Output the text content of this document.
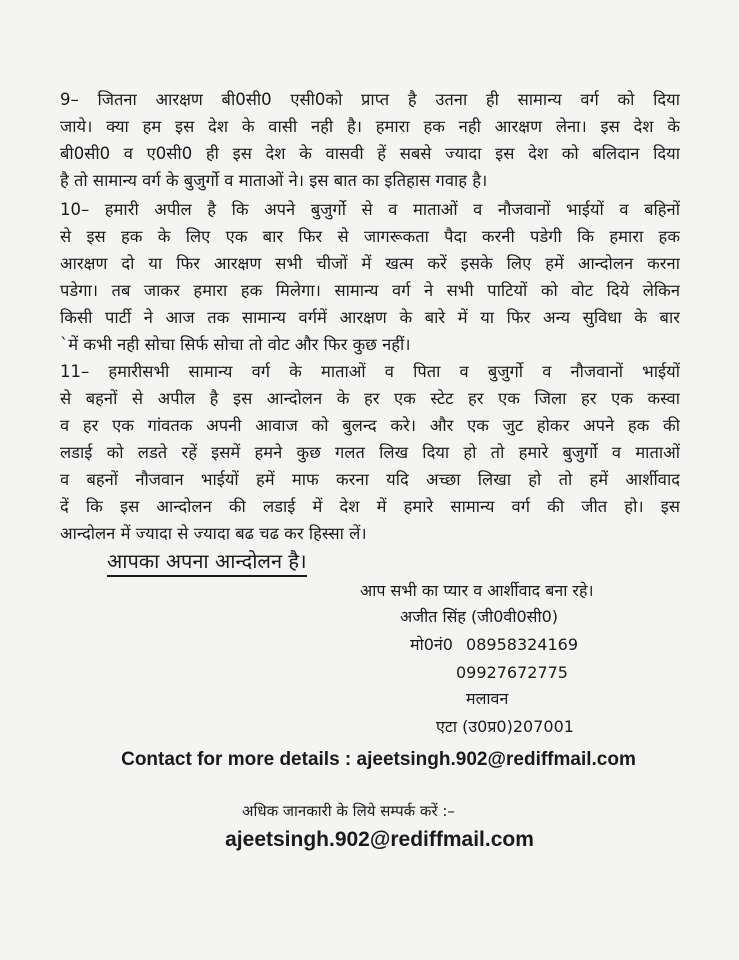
9– जितना आरक्षण बी0सी0 एसी0को प्राप्त है उतना ही सामान्य वर्ग को दिया
जाये। क्या हम इस देश के वासी नही है। हमारा हक नही आरक्षण लेना। इस देश के
बी0सी0 व ए0सी0 ही इस देश के वासवी हें सबसे ज्यादा इस देश को बलिदान दिया
है तो सामान्य वर्ग के बुजुर्गो व माताओं ने। इस बात का इतिहास गवाह है।
10– हमारी अपील है कि अपने बुजुर्गो से व माताओं व नौजवानों भाईयों व बहिनों
से इस हक के लिए एक बार फिर से जागरूकता पैदा करनी पडेगी कि हमारा हक
आरक्षण दो या फिर आरक्षण सभी चीजों में खत्म करें इसके लिए हमें आन्दोलन करना
पडेगा। तब जाकर हमारा हक मिलेगा। सामान्य वर्ग ने सभी पाटियों को वोट दिये लेकिन
किसी पार्टी ने आज तक सामान्य वर्गमें आरक्षण के बारे में या फिर अन्य सुविधा के बार
`में कभी नही सोचा सिर्फ सोचा तो वोट और फिर कुछ नहीं।
11– हमारीसभी सामान्य वर्ग के माताओं व पिता व बुजुर्गो व नौजवानों भाईयों
से बहनों से अपील है इस आन्दोलन के हर एक स्टेट हर एक जिला हर एक कस्वा
व हर एक गांवतक अपनी आवाज को बुलन्द करे। और एक जुट होकर अपने हक की
लडाई को लडते रहें इसमें हमने कुछ गलत लिख दिया हो तो हमारे बुजुर्गो व माताओं
व बहनों नौजवान भाईयों हमें माफ करना यदि अच्छा लिखा हो तो हमें आर्शीवाद
दें कि इस आन्दोलन की लडाई में देश में हमारे सामान्य वर्ग की जीत हो। इस
आन्दोलन में ज्यादा से ज्यादा बढ चढ कर हिस्सा लें।
आपका अपना आन्दोलन है।
आप सभी का प्यार व आर्शीवाद बना रहे।
अजीत सिंह (जी0वी0सी0)
मो0नं0 08958324169
09927672775
मलावन
एटा (उ0प्र0)207001
Contact for more details : ajeetsingh.902@rediffmail.com
अधिक जानकारी के लिये सम्पर्क करें :–
ajeetsingh.902@rediffmail.com
